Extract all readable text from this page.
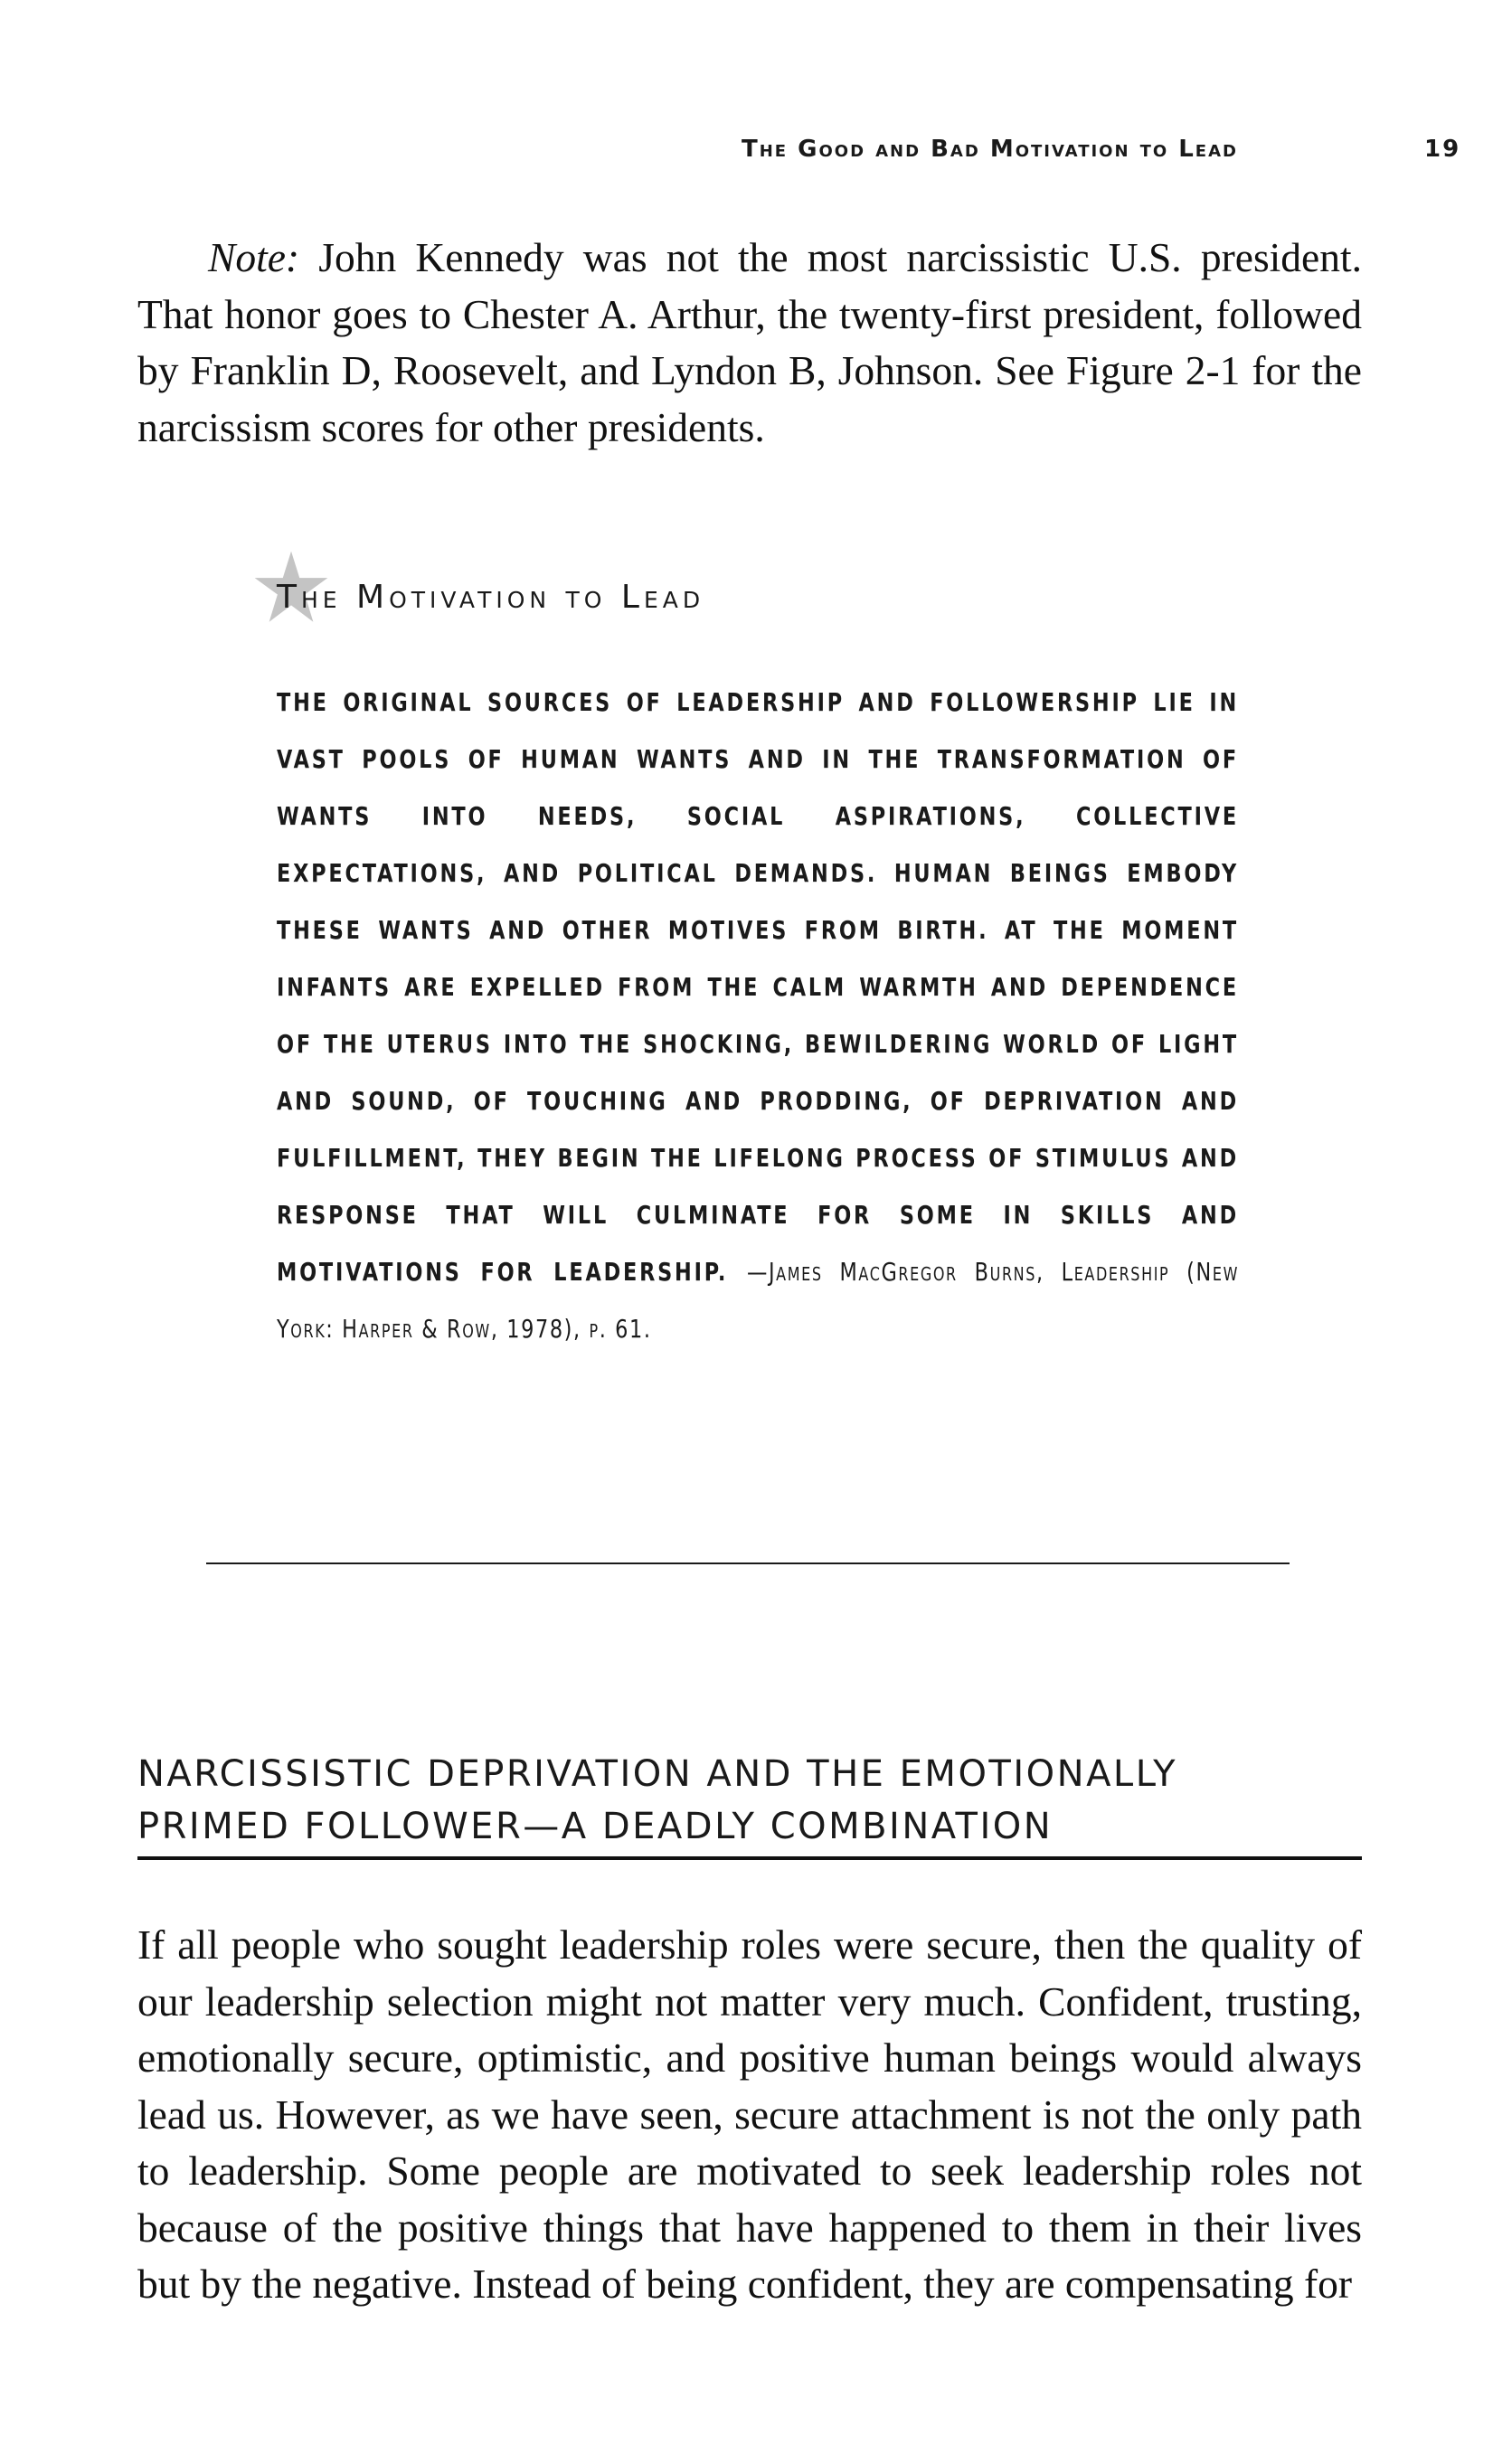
The Good and Bad Motivation to Lead	19

Note: John Kennedy was not the most narcissistic U.S. president. That honor goes to Chester A. Arthur, the twenty-first president, followed by Franklin D, Roosevelt, and Lyndon B, Johnson. See Figure 2-1 for the narcissism scores for other presidents.

The Motivation to Lead

THE ORIGINAL SOURCES OF LEADERSHIP AND FOLLOWERSHIP LIE IN VAST POOLS OF HUMAN WANTS AND IN THE TRANSFORMATION OF WANTS INTO NEEDS, SOCIAL ASPIRATIONS, COLLECTIVE EXPECTATIONS, AND POLITICAL DEMANDS. HUMAN BEINGS EMBODY THESE WANTS AND OTHER MOTIVES FROM BIRTH. AT THE MOMENT INFANTS ARE EXPELLED FROM THE CALM WARMTH AND DEPENDENCE OF THE UTERUS INTO THE SHOCKING, BEWILDERING WORLD OF LIGHT AND SOUND, OF TOUCHING AND PRODDING, OF DEPRIVATION AND FULFILLMENT, THEY BEGIN THE LIFELONG PROCESS OF STIMULUS AND RESPONSE THAT WILL CULMINATE FOR SOME IN SKILLS AND MOTIVATIONS FOR LEADERSHIP. —James MacGregor Burns, Leadership (New York: Harper & Row, 1978), p. 61.

NARCISSISTIC DEPRIVATION AND THE EMOTIONALLY
PRIMED FOLLOWER—A DEADLY COMBINATION

If all people who sought leadership roles were secure, then the quality of our leadership selection might not matter very much. Confident, trusting, emotionally secure, optimistic, and positive human beings would always lead us. However, as we have seen, secure attachment is not the only path to leadership. Some people are motivated to seek leadership roles not because of the positive things that have happened to them in their lives but by the negative. Instead of being confident, they are compensating for
